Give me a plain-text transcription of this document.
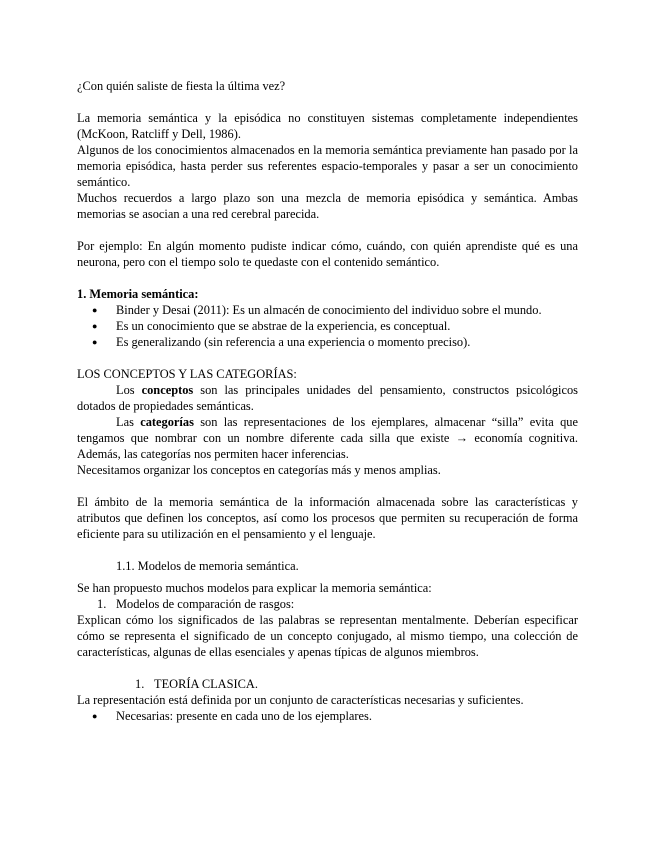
¿Con quién saliste de fiesta la última vez?

La memoria semántica y la episódica no constituyen sistemas completamente independientes (McKoon, Ratcliff y Dell, 1986).

Algunos de los conocimientos almacenados en la memoria semántica previamente han pasado por la memoria episódica, hasta perder sus referentes espacio-temporales y pasar a ser un conocimiento semántico.

Muchos recuerdos a largo plazo son una mezcla de memoria episódica y semántica. Ambas memorias se asocian a una red cerebral parecida.

Por ejemplo: En algún momento pudiste indicar cómo, cuándo, con quién aprendiste qué es una neurona, pero con el tiempo solo te quedaste con el contenido semántico.

1. Memoria semántica:

● Binder y Desai (2011): Es un almacén de conocimiento del individuo sobre el mundo.
● Es un conocimiento que se abstrae de la experiencia, es conceptual.
● Es generalizando (sin referencia a una experiencia o momento preciso).

LOS CONCEPTOS Y LAS CATEGORÍAS:

Los conceptos son las principales unidades del pensamiento, constructos psicológicos dotados de propiedades semánticas.

Las categorías son las representaciones de los ejemplares, almacenar “silla” evita que tengamos que nombrar con un nombre diferente cada silla que existe → economía cognitiva. Además, las categorías nos permiten hacer inferencias.

Necesitamos organizar los conceptos en categorías más y menos amplias.

El ámbito de la memoria semántica de la información almacenada sobre las características y atributos que definen los conceptos, así como los procesos que permiten su recuperación de forma eficiente para su utilización en el pensamiento y el lenguaje.

1.1. Modelos de memoria semántica.

Se han propuesto muchos modelos para explicar la memoria semántica:

1. Modelos de comparación de rasgos:

Explican cómo los significados de las palabras se representan mentalmente. Deberían especificar cómo se representa el significado de un concepto conjugado, al mismo tiempo, una colección de características, algunas de ellas esenciales y apenas típicas de algunos miembros.

1. TEORÍA CLASICA.

La representación está definida por un conjunto de características necesarias y suficientes.

● Necesarias: presente en cada uno de los ejemplares.
